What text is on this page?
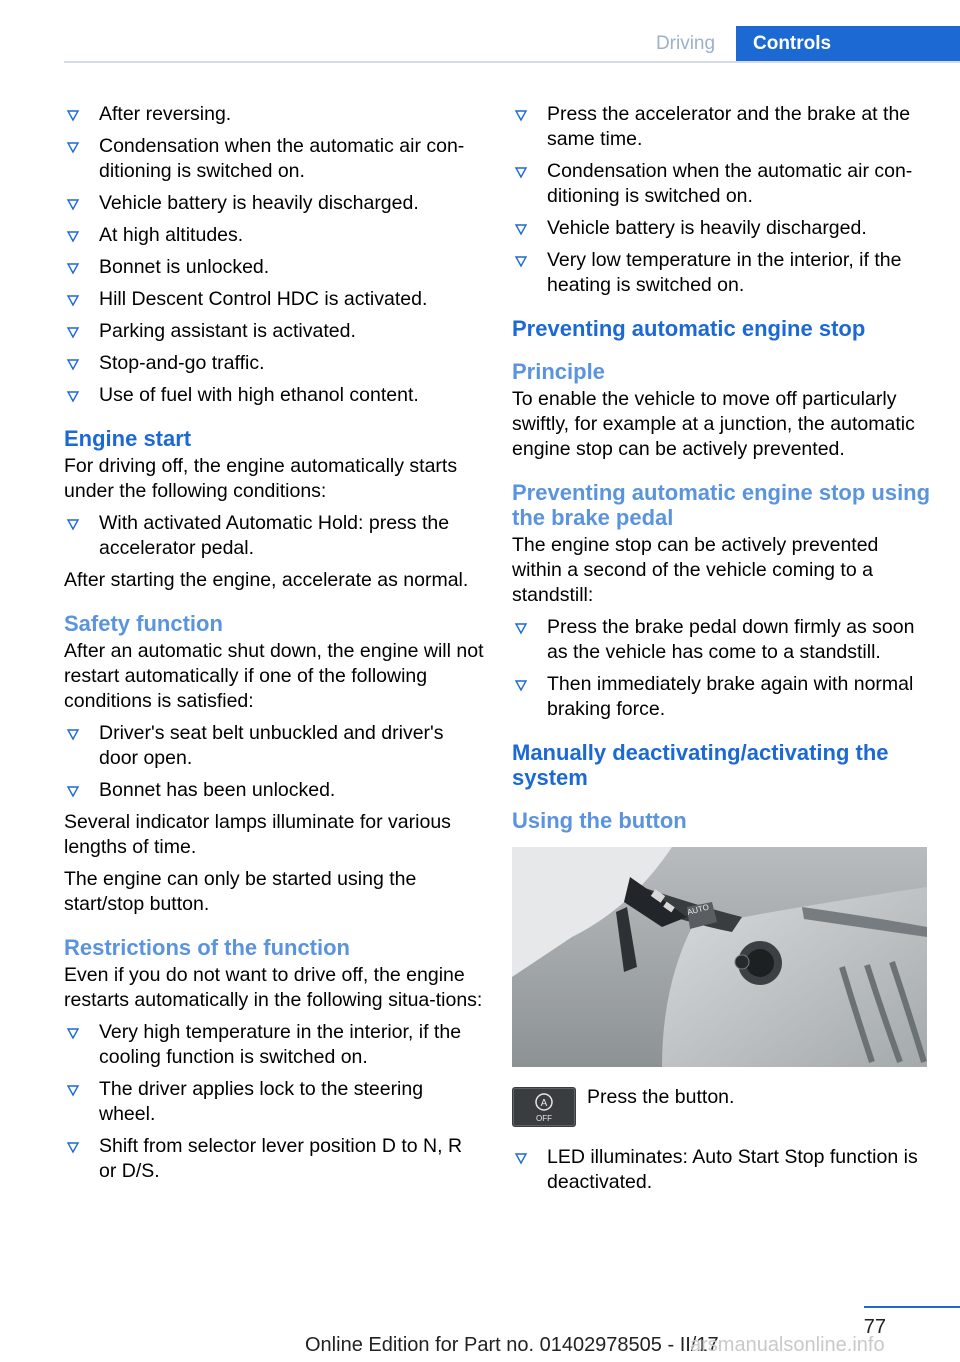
Driving	Controls
After reversing.
Condensation when the automatic air con‐ditioning is switched on.
Vehicle battery is heavily discharged.
At high altitudes.
Bonnet is unlocked.
Hill Descent Control HDC is activated.
Parking assistant is activated.
Stop-and-go traffic.
Use of fuel with high ethanol content.
Engine start
For driving off, the engine automatically starts under the following conditions:
With activated Automatic Hold: press the accelerator pedal.
After starting the engine, accelerate as normal.
Safety function
After an automatic shut down, the engine will not restart automatically if one of the following conditions is satisfied:
Driver's seat belt unbuckled and driver's door open.
Bonnet has been unlocked.
Several indicator lamps illuminate for various lengths of time.
The engine can only be started using the start/stop button.
Restrictions of the function
Even if you do not want to drive off, the engine restarts automatically in the following situa‐tions:
Very high temperature in the interior, if the cooling function is switched on.
The driver applies lock to the steering wheel.
Shift from selector lever position D to N, R or D/S.
Press the accelerator and the brake at the same time.
Condensation when the automatic air con‐ditioning is switched on.
Vehicle battery is heavily discharged.
Very low temperature in the interior, if the heating is switched on.
Preventing automatic engine stop
Principle
To enable the vehicle to move off particularly swiftly, for example at a junction, the automatic engine stop can be actively prevented.
Preventing automatic engine stop using the brake pedal
The engine stop can be actively prevented within a second of the vehicle coming to a standstill:
Press the brake pedal down firmly as soon as the vehicle has come to a standstill.
Then immediately brake again with normal braking force.
Manually deactivating/activating the system
Using the button
AUTO
A
OFF
Press the button.
LED illuminates: Auto Start Stop function is deactivated.
77
Online Edition for Part no. 01402978505 - II/17
arsmanualsonline.info
